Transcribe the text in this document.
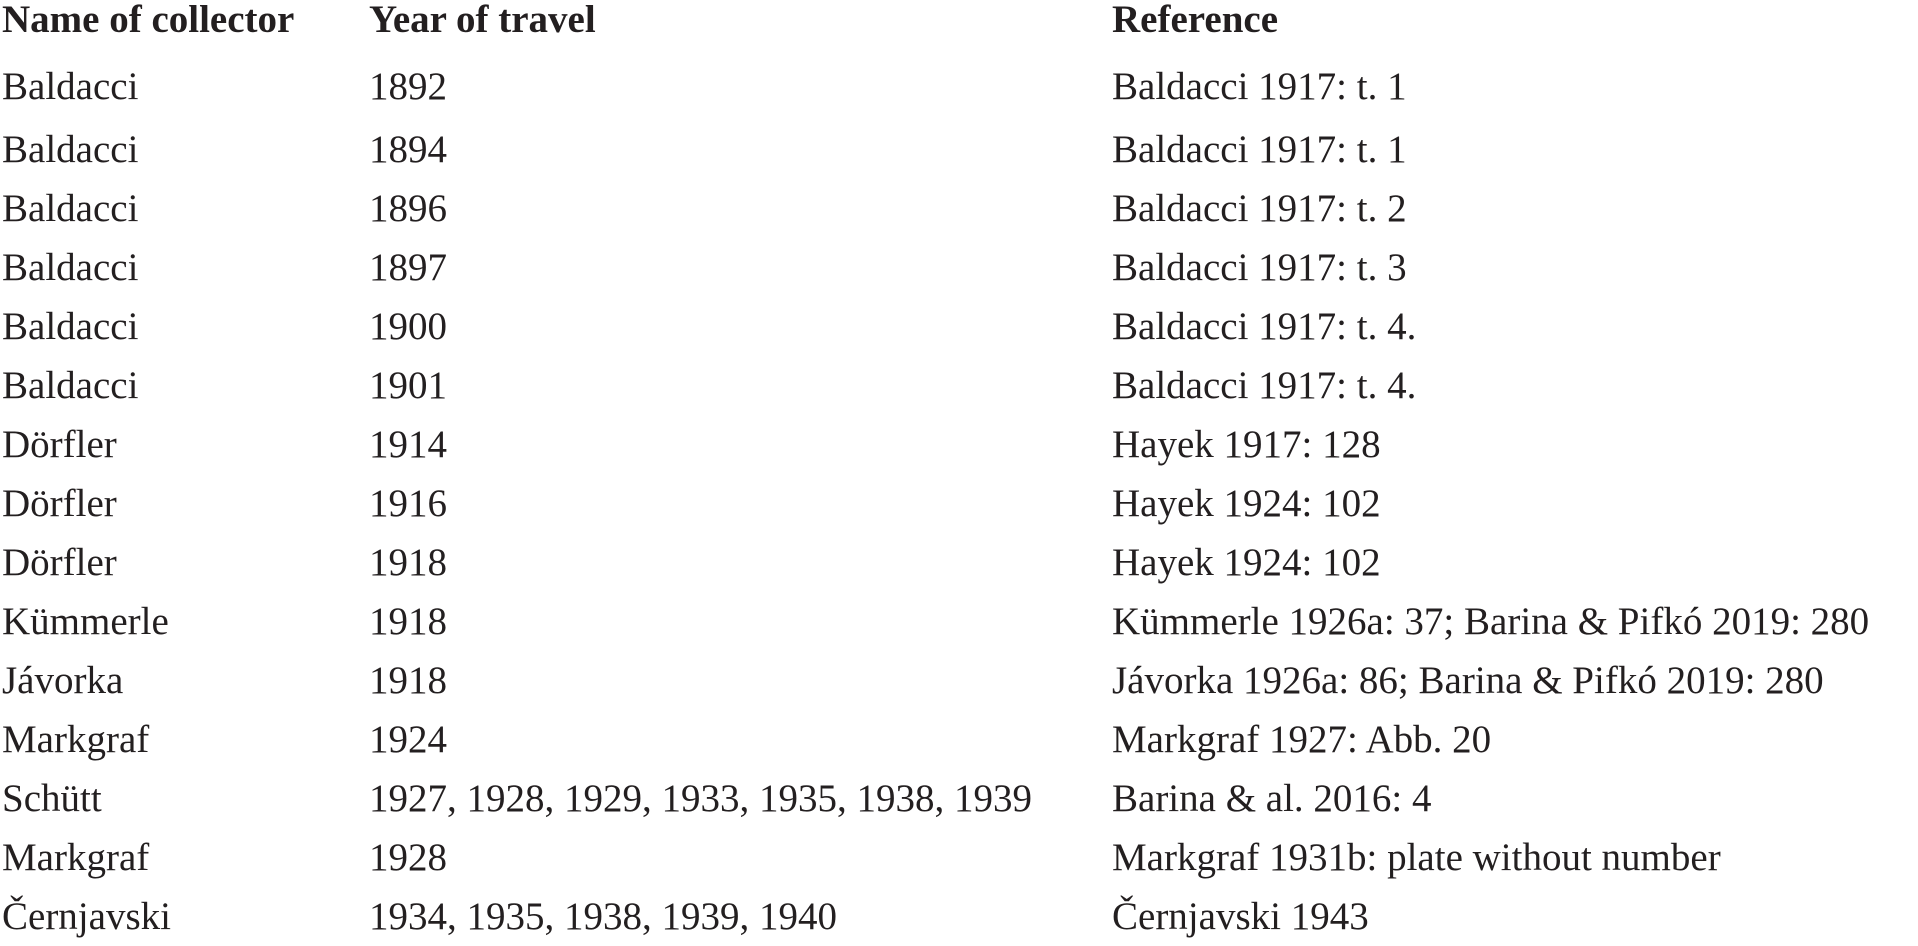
Name of collector	Year of travel	Reference
Baldacci	1892	Baldacci 1917: t. 1
Baldacci	1894	Baldacci 1917: t. 1
Baldacci	1896	Baldacci 1917: t. 2
Baldacci	1897	Baldacci 1917: t. 3
Baldacci	1900	Baldacci 1917: t. 4.
Baldacci	1901	Baldacci 1917: t. 4.
Dörfler	1914	Hayek 1917: 128
Dörfler	1916	Hayek 1924: 102
Dörfler	1918	Hayek 1924: 102
Kümmerle	1918	Kümmerle 1926a: 37; Barina & Pifkó 2019: 280
Jávorka	1918	Jávorka 1926a: 86; Barina & Pifkó 2019: 280
Markgraf	1924	Markgraf 1927: Abb. 20
Schütt	1927, 1928, 1929, 1933, 1935, 1938, 1939	Barina & al. 2016: 4
Markgraf	1928	Markgraf 1931b: plate without number
Černjavski	1934, 1935, 1938, 1939, 1940	Černjavski 1943
